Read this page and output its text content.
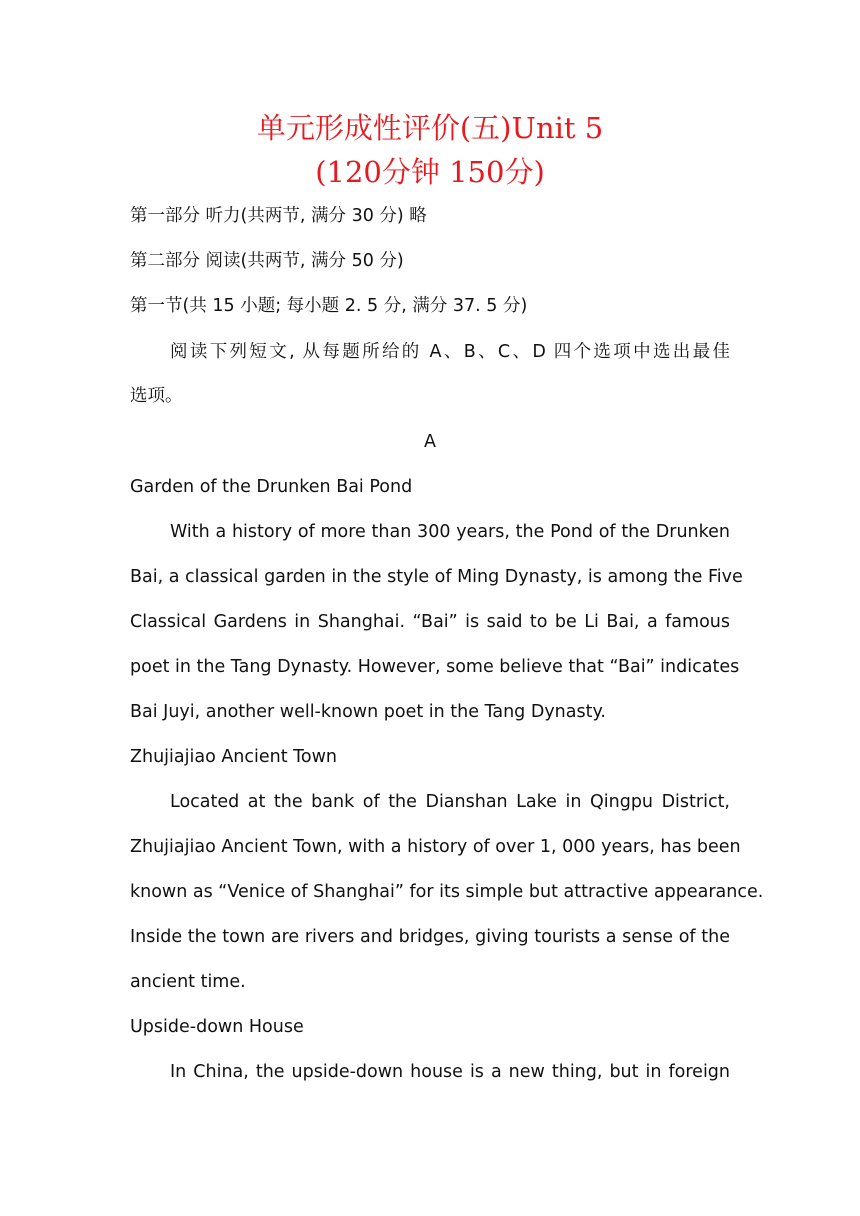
单元形成性评价(五)Unit 5
(120分钟 150分)
第一部分 听力(共两节, 满分 30 分) 略
第二部分 阅读(共两节, 满分 50 分)
第一节(共 15 小题; 每小题 2. 5 分, 满分 37. 5 分)
阅读下列短文, 从每题所给的 A、B、C、D 四个选项中选出最佳
选项。
A
Garden of the Drunken Bai Pond
With a history of more than 300 years, the Pond of the Drunken
Bai, a classical garden in the style of Ming Dynasty, is among the Five
Classical Gardens in Shanghai. “Bai” is said to be Li Bai, a famous
poet in the Tang Dynasty. However, some believe that “Bai” indicates
Bai Juyi, another well-known poet in the Tang Dynasty.
Zhujiajiao Ancient Town
Located at the bank of the Dianshan Lake in Qingpu District,
Zhujiajiao Ancient Town, with a history of over 1, 000 years, has been
known as “Venice of Shanghai” for its simple but attractive appearance.
Inside the town are rivers and bridges, giving tourists a sense of the
ancient time.
Upside-down House
In China, the upside-down house is a new thing, but in foreign
